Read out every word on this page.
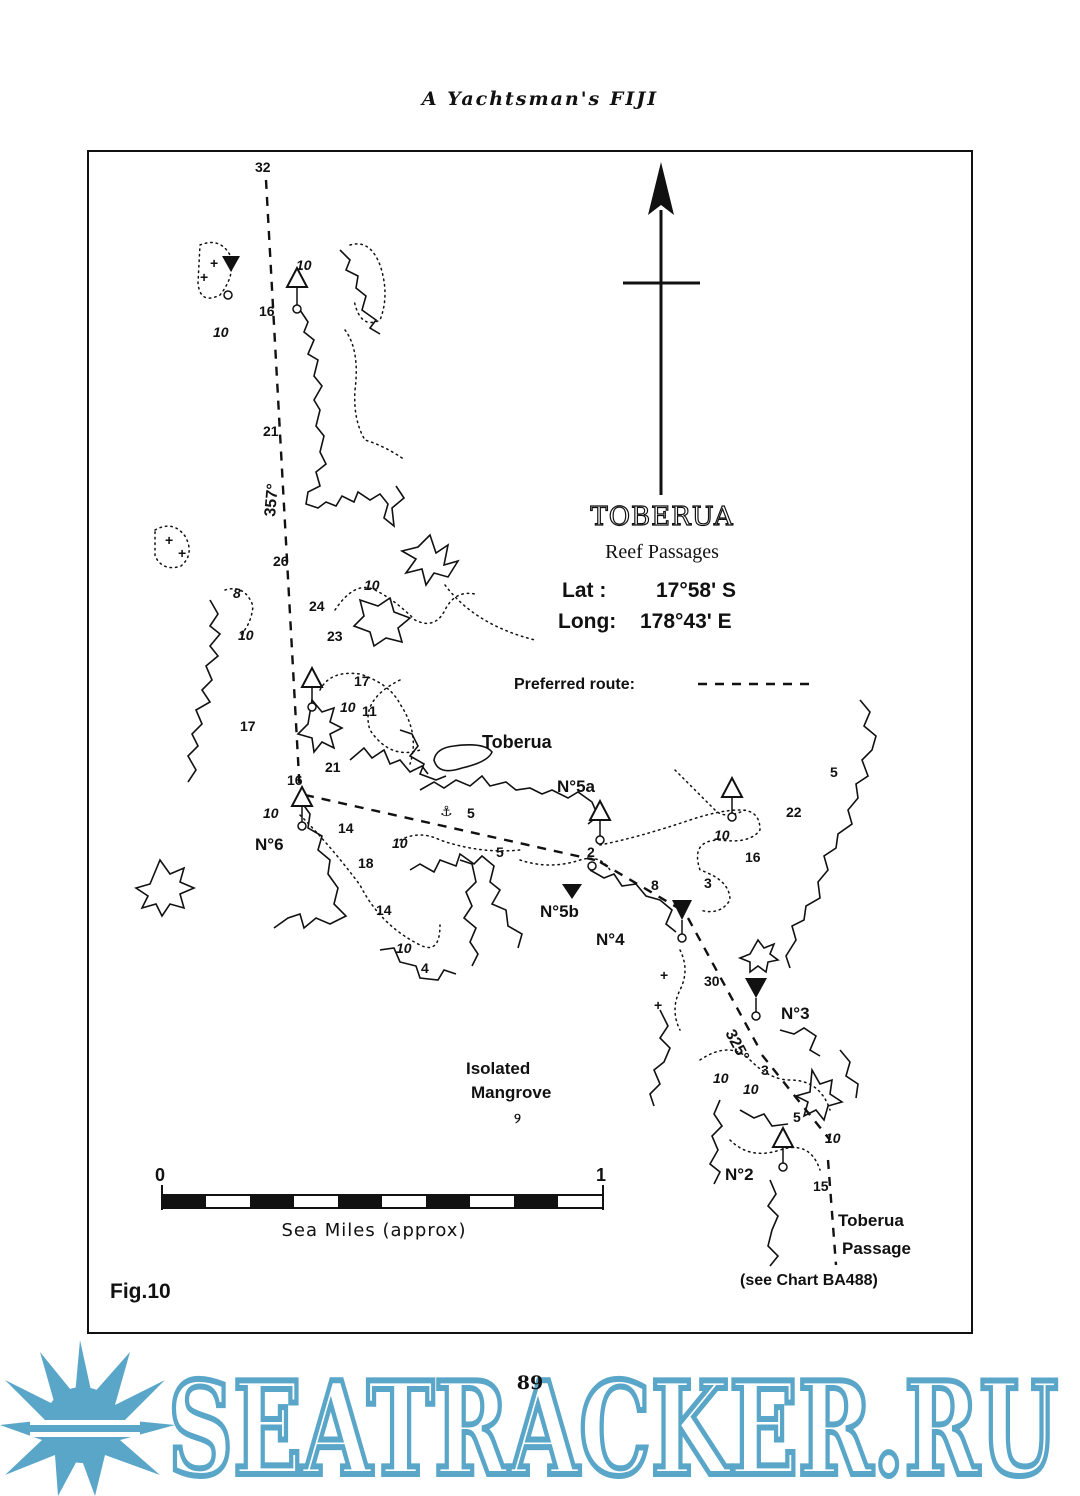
A Yachtsman's FIJI
TOBERUA
Reef Passages
Lat : 17°58' S
Long: 178°43' E
Preferred route:
+
+
⚓
+
+
+
+
୨
Toberua
Isolated
Mangrove
Toberua
Passage
(see Chart BA488)
N°6
N°5a
N°5b
N°4
N°3
N°2
357°
325°
32
16
21
26
24
23
17
11
17
21
16
14
18
14
5
5	2
8	3
16
22
5
30
3
5
15
4
10
10
8
10
10
10
10
10
10
10
10
10
10
0	1
Sea Miles (approx)
Fig.10
SEATRACKER.RU
89
